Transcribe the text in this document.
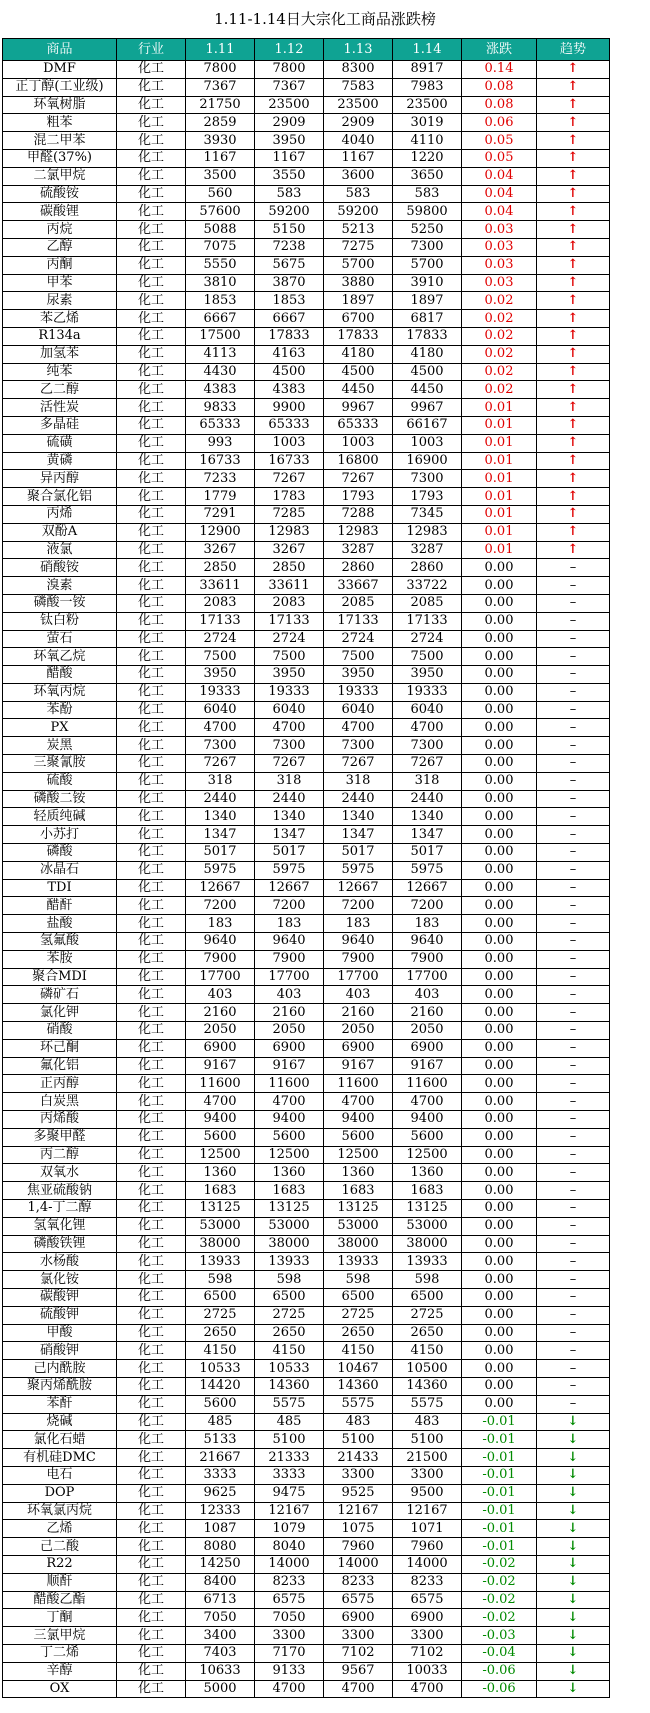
1.11-1.14日大宗化工商品涨跌榜
商品	行业	1.11	1.12	1.13	1.14	涨跌	趋势
DMF	化工	7800	7800	8300	8917	0.14	↑
正丁醇(工业级)	化工	7367	7367	7583	7983	0.08	↑
环氧树脂	化工	21750	23500	23500	23500	0.08	↑
粗苯	化工	2859	2909	2909	3019	0.06	↑
混二甲苯	化工	3930	3950	4040	4110	0.05	↑
甲醛(37%)	化工	1167	1167	1167	1220	0.05	↑
二氯甲烷	化工	3500	3550	3600	3650	0.04	↑
硫酸铵	化工	560	583	583	583	0.04	↑
碳酸锂	化工	57600	59200	59200	59800	0.04	↑
丙烷	化工	5088	5150	5213	5250	0.03	↑
乙醇	化工	7075	7238	7275	7300	0.03	↑
丙酮	化工	5550	5675	5700	5700	0.03	↑
甲苯	化工	3810	3870	3880	3910	0.03	↑
尿素	化工	1853	1853	1897	1897	0.02	↑
苯乙烯	化工	6667	6667	6700	6817	0.02	↑
R134a	化工	17500	17833	17833	17833	0.02	↑
加氢苯	化工	4113	4163	4180	4180	0.02	↑
纯苯	化工	4430	4500	4500	4500	0.02	↑
乙二醇	化工	4383	4383	4450	4450	0.02	↑
活性炭	化工	9833	9900	9967	9967	0.01	↑
多晶硅	化工	65333	65333	65333	66167	0.01	↑
硫磺	化工	993	1003	1003	1003	0.01	↑
黄磷	化工	16733	16733	16800	16900	0.01	↑
异丙醇	化工	7233	7267	7267	7300	0.01	↑
聚合氯化铝	化工	1779	1783	1793	1793	0.01	↑
丙烯	化工	7291	7285	7288	7345	0.01	↑
双酚A	化工	12900	12983	12983	12983	0.01	↑
液氯	化工	3267	3267	3287	3287	0.01	↑
硝酸铵	化工	2850	2850	2860	2860	0.00	–
溴素	化工	33611	33611	33667	33722	0.00	–
磷酸一铵	化工	2083	2083	2085	2085	0.00	–
钛白粉	化工	17133	17133	17133	17133	0.00	–
萤石	化工	2724	2724	2724	2724	0.00	–
环氧乙烷	化工	7500	7500	7500	7500	0.00	–
醋酸	化工	3950	3950	3950	3950	0.00	–
环氧丙烷	化工	19333	19333	19333	19333	0.00	–
苯酚	化工	6040	6040	6040	6040	0.00	–
PX	化工	4700	4700	4700	4700	0.00	–
炭黑	化工	7300	7300	7300	7300	0.00	–
三聚氰胺	化工	7267	7267	7267	7267	0.00	–
硫酸	化工	318	318	318	318	0.00	–
磷酸二铵	化工	2440	2440	2440	2440	0.00	–
轻质纯碱	化工	1340	1340	1340	1340	0.00	–
小苏打	化工	1347	1347	1347	1347	0.00	–
磷酸	化工	5017	5017	5017	5017	0.00	–
冰晶石	化工	5975	5975	5975	5975	0.00	–
TDI	化工	12667	12667	12667	12667	0.00	–
醋酐	化工	7200	7200	7200	7200	0.00	–
盐酸	化工	183	183	183	183	0.00	–
氢氟酸	化工	9640	9640	9640	9640	0.00	–
苯胺	化工	7900	7900	7900	7900	0.00	–
聚合MDI	化工	17700	17700	17700	17700	0.00	–
磷矿石	化工	403	403	403	403	0.00	–
氯化钾	化工	2160	2160	2160	2160	0.00	–
硝酸	化工	2050	2050	2050	2050	0.00	–
环己酮	化工	6900	6900	6900	6900	0.00	–
氟化铝	化工	9167	9167	9167	9167	0.00	–
正丙醇	化工	11600	11600	11600	11600	0.00	–
白炭黑	化工	4700	4700	4700	4700	0.00	–
丙烯酸	化工	9400	9400	9400	9400	0.00	–
多聚甲醛	化工	5600	5600	5600	5600	0.00	–
丙二醇	化工	12500	12500	12500	12500	0.00	–
双氧水	化工	1360	1360	1360	1360	0.00	–
焦亚硫酸钠	化工	1683	1683	1683	1683	0.00	–
1,4-丁二醇	化工	13125	13125	13125	13125	0.00	–
氢氧化锂	化工	53000	53000	53000	53000	0.00	–
磷酸铁锂	化工	38000	38000	38000	38000	0.00	–
水杨酸	化工	13933	13933	13933	13933	0.00	–
氯化铵	化工	598	598	598	598	0.00	–
碳酸钾	化工	6500	6500	6500	6500	0.00	–
硫酸钾	化工	2725	2725	2725	2725	0.00	–
甲酸	化工	2650	2650	2650	2650	0.00	–
硝酸钾	化工	4150	4150	4150	4150	0.00	–
己内酰胺	化工	10533	10533	10467	10500	0.00	–
聚丙烯酰胺	化工	14420	14360	14360	14360	0.00	–
苯酐	化工	5600	5575	5575	5575	0.00	–
烧碱	化工	485	485	483	483	-0.01	↓
氯化石蜡	化工	5133	5100	5100	5100	-0.01	↓
有机硅DMC	化工	21667	21333	21433	21500	-0.01	↓
电石	化工	3333	3333	3300	3300	-0.01	↓
DOP	化工	9625	9475	9525	9500	-0.01	↓
环氧氯丙烷	化工	12333	12167	12167	12167	-0.01	↓
乙烯	化工	1087	1079	1075	1071	-0.01	↓
己二酸	化工	8080	8040	7960	7960	-0.01	↓
R22	化工	14250	14000	14000	14000	-0.02	↓
顺酐	化工	8400	8233	8233	8233	-0.02	↓
醋酸乙酯	化工	6713	6575	6575	6575	-0.02	↓
丁酮	化工	7050	7050	6900	6900	-0.02	↓
三氯甲烷	化工	3400	3300	3300	3300	-0.03	↓
丁二烯	化工	7403	7170	7102	7102	-0.04	↓
辛醇	化工	10633	9133	9567	10033	-0.06	↓
OX	化工	5000	4700	4700	4700	-0.06	↓
